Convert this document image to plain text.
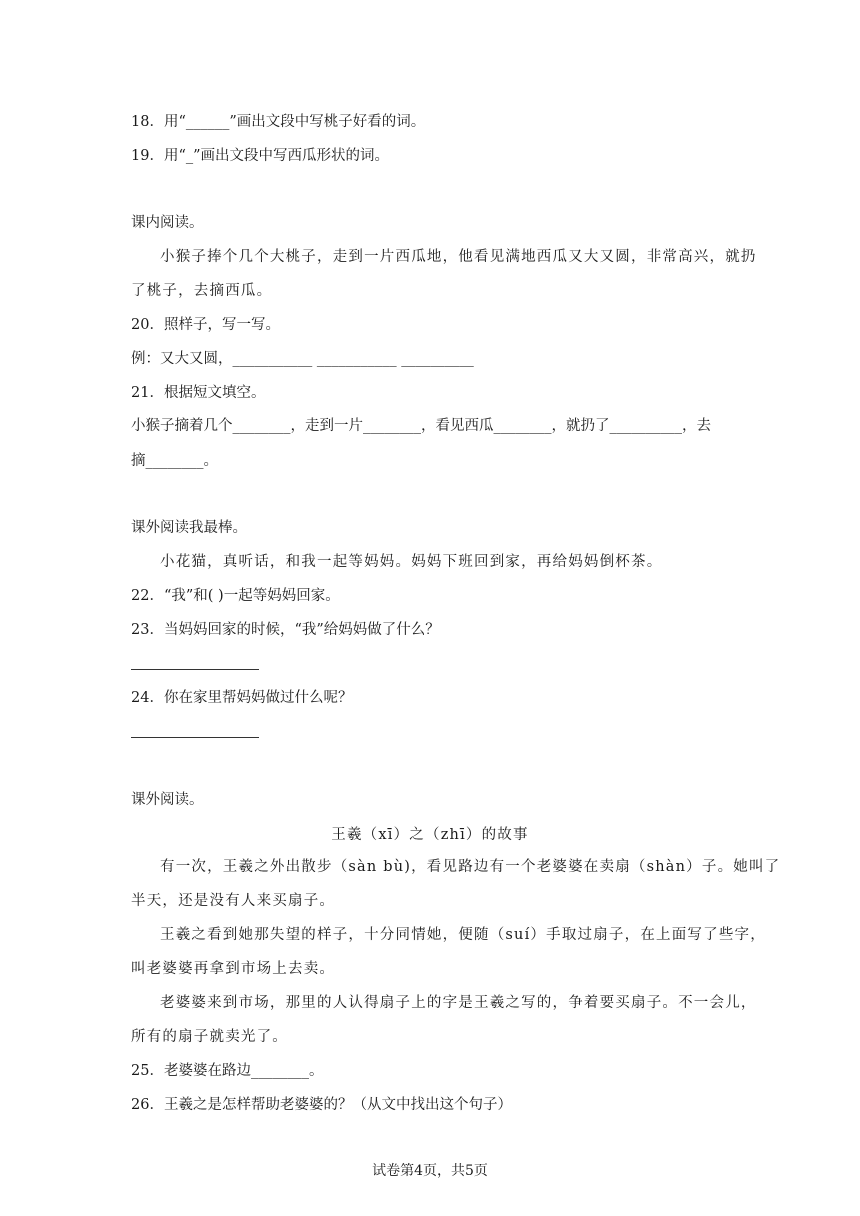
18．用“______”画出文段中写桃子好看的词。
19．用“_”画出文段中写西瓜形状的词。
课内阅读。
小猴子捧个几个大桃子，走到一片西瓜地，他看见满地西瓜又大又圆，非常高兴，就扔
了桃子，去摘西瓜。
20．照样子，写一写。
例：又大又圆，___________ ___________ __________
21．根据短文填空。
小猴子摘着几个________，走到一片________，看见西瓜________，就扔了__________，去
摘________。
课外阅读我最棒。
小花猫，真听话，和我一起等妈妈。妈妈下班回到家，再给妈妈倒杯茶。
22．“我”和( )一起等妈妈回家。
23．当妈妈回家的时候，“我”给妈妈做了什么？
24．你在家里帮妈妈做过什么呢？
课外阅读。
王羲（xī）之（zhī）的故事
有一次，王羲之外出散步（sàn bù)，看见路边有一个老婆婆在卖扇（shàn）子。她叫了
半天，还是没有人来买扇子。
王羲之看到她那失望的样子，十分同情她，便随（suí）手取过扇子，在上面写了些字，
叫老婆婆再拿到市场上去卖。
老婆婆来到市场，那里的人认得扇子上的字是王羲之写的，争着要买扇子。不一会儿，
所有的扇子就卖光了。
25．老婆婆在路边________。
26．王羲之是怎样帮助老婆婆的？（从文中找出这个句子）
试卷第4页，共5页
